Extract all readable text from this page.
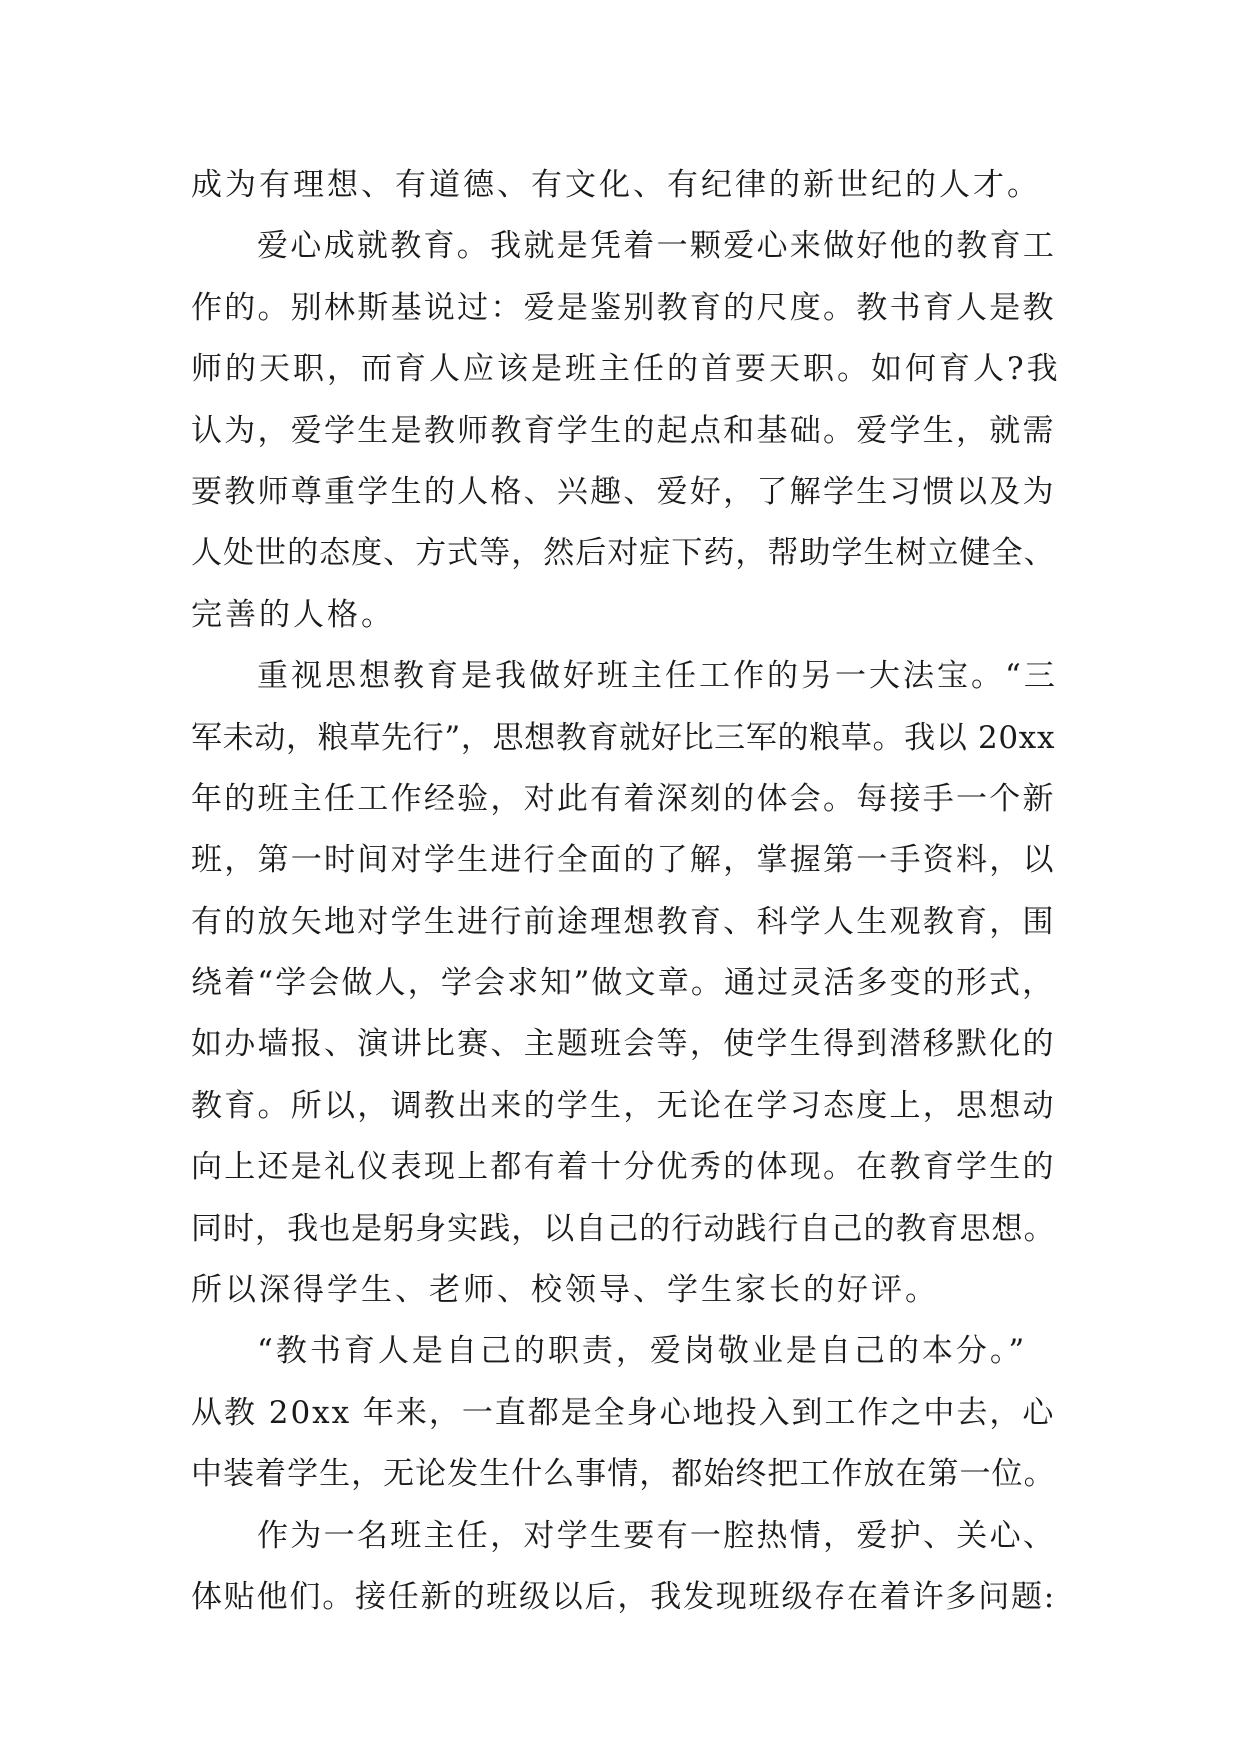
成为有理想、有道德、有文化、有纪律的新世纪的人才。
爱心成就教育。我就是凭着一颗爱心来做好他的教育工
作的。别林斯基说过：爱是鉴别教育的尺度。教书育人是教
师的天职，而育人应该是班主任的首要天职。如何育人?我
认为，爱学生是教师教育学生的起点和基础。爱学生，就需
要教师尊重学生的人格、兴趣、爱好，了解学生习惯以及为
人处世的态度、方式等，然后对症下药，帮助学生树立健全、
完善的人格。
重视思想教育是我做好班主任工作的另一大法宝。“三
军未动，粮草先行”，思想教育就好比三军的粮草。我以 20xx
年的班主任工作经验，对此有着深刻的体会。每接手一个新
班，第一时间对学生进行全面的了解，掌握第一手资料，以
有的放矢地对学生进行前途理想教育、科学人生观教育，围
绕着“学会做人，学会求知”做文章。通过灵活多变的形式，
如办墙报、演讲比赛、主题班会等，使学生得到潜移默化的
教育。所以，调教出来的学生，无论在学习态度上，思想动
向上还是礼仪表现上都有着十分优秀的体现。在教育学生的
同时，我也是躬身实践，以自己的行动践行自己的教育思想。
所以深得学生、老师、校领导、学生家长的好评。
“教书育人是自己的职责，爱岗敬业是自己的本分。”
从教 20xx 年来，一直都是全身心地投入到工作之中去，心
中装着学生，无论发生什么事情，都始终把工作放在第一位。
作为一名班主任，对学生要有一腔热情，爱护、关心、
体贴他们。接任新的班级以后，我发现班级存在着许多问题:
